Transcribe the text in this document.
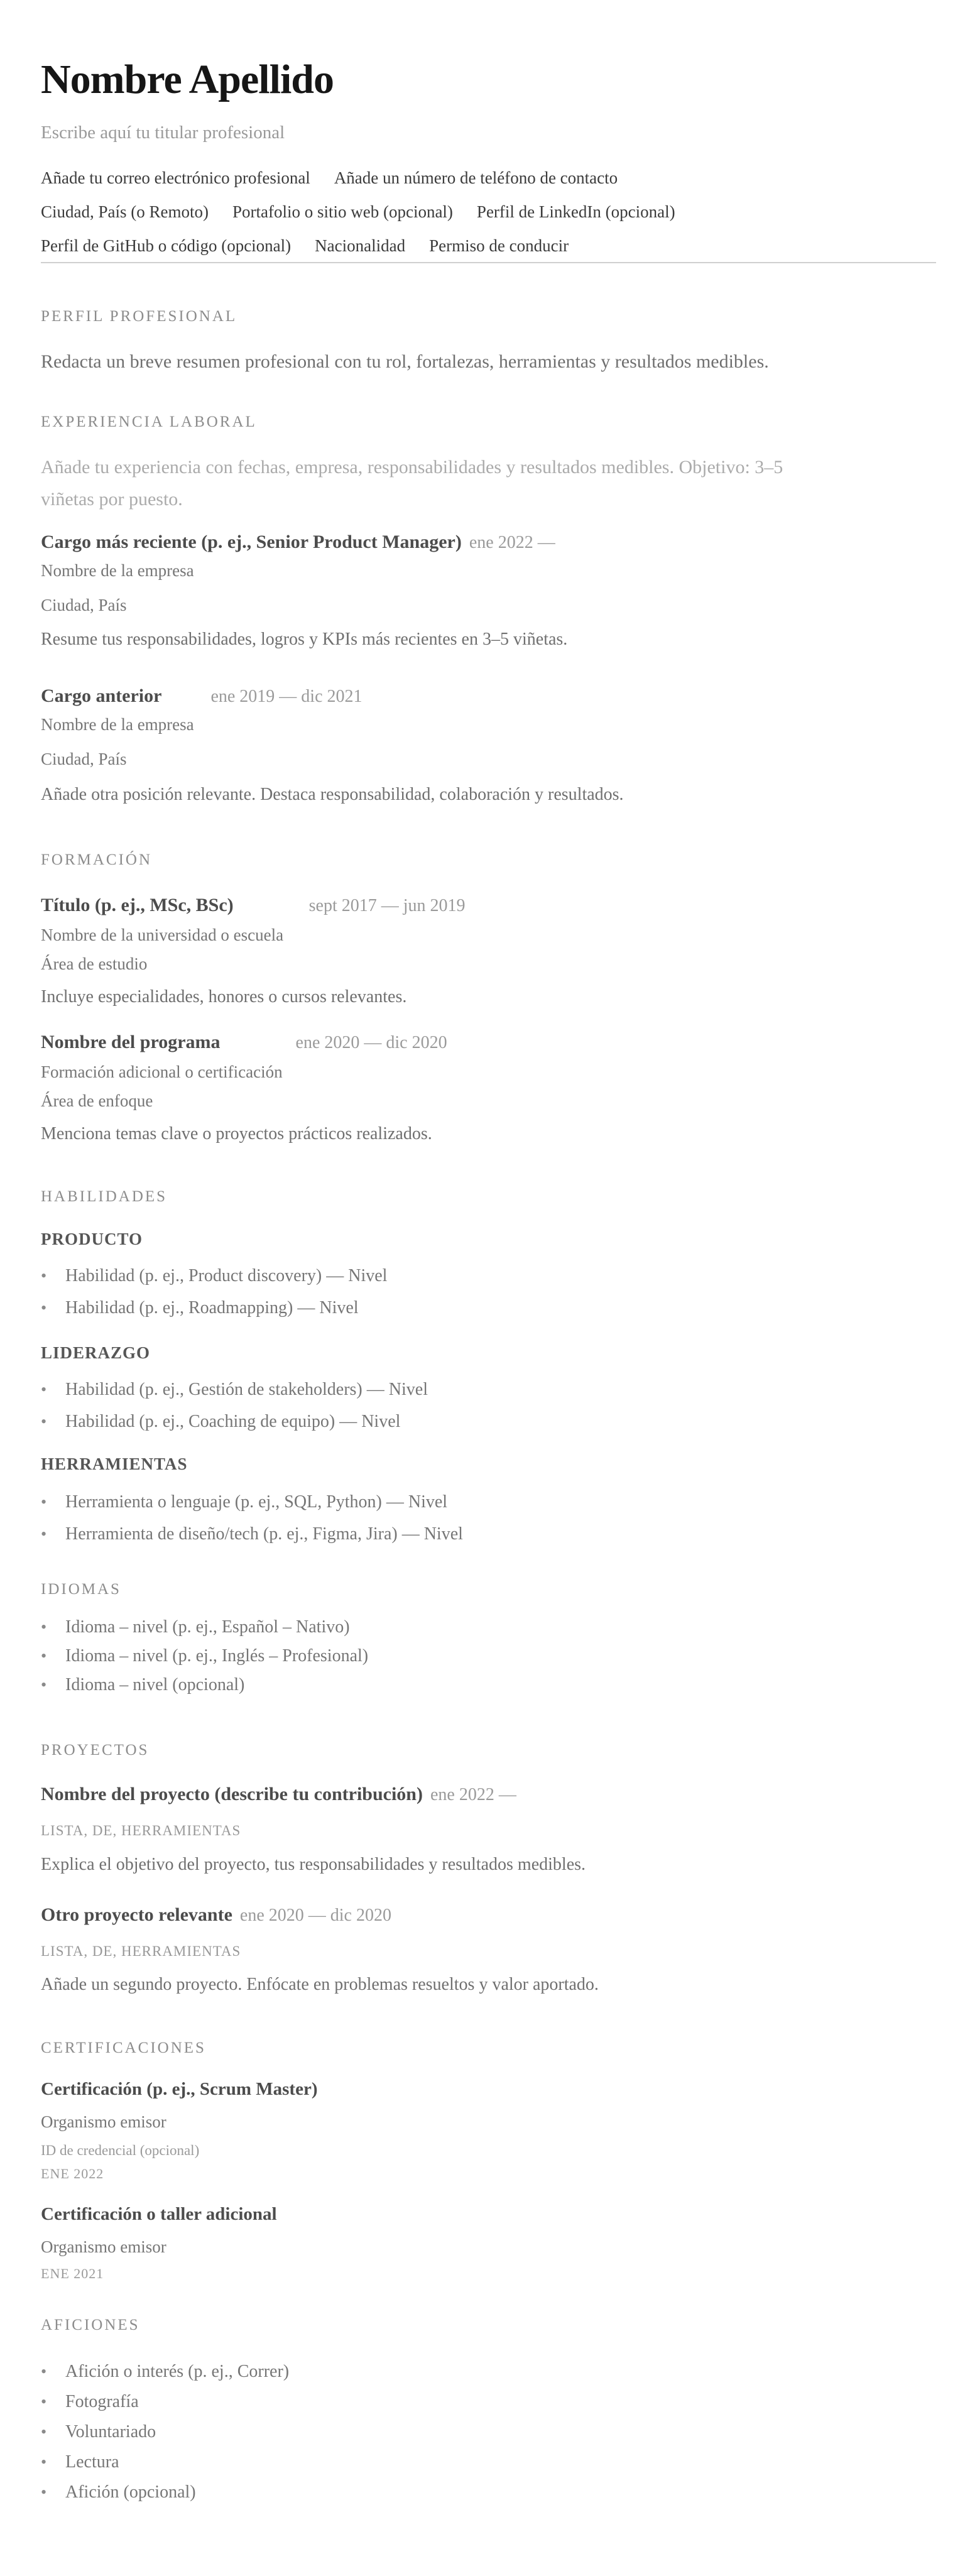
Nombre Apellido
Escribe aquí tu titular profesional
Añade tu correo electrónico profesional Añade un número de teléfono de contacto
Ciudad, País (o Remoto) Portafolio o sitio web (opcional) Perfil de LinkedIn (opcional)
Perfil de GitHub o código (opcional) Nacionalidad Permiso de conducir
PERFIL PROFESIONAL
Redacta un breve resumen profesional con tu rol, fortalezas, herramientas y resultados medibles.
EXPERIENCIA LABORAL
Añade tu experiencia con fechas, empresa, responsabilidades y resultados medibles. Objetivo: 3–5 viñetas por puesto.
Cargo más reciente (p. ej., Senior Product Manager) ene 2022 —
Nombre de la empresa
Ciudad, País
Resume tus responsabilidades, logros y KPIs más recientes en 3–5 viñetas.
Cargo anterior	ene 2019 — dic 2021
Nombre de la empresa
Ciudad, País
Añade otra posición relevante. Destaca responsabilidad, colaboración y resultados.
FORMACIÓN
Título (p. ej., MSc, BSc)	sept 2017 — jun 2019
Nombre de la universidad o escuela
Área de estudio
Incluye especialidades, honores o cursos relevantes.
Nombre del programa	ene 2020 — dic 2020
Formación adicional o certificación
Área de enfoque
Menciona temas clave o proyectos prácticos realizados.
HABILIDADES
PRODUCTO
•	Habilidad (p. ej., Product discovery) — Nivel
•	Habilidad (p. ej., Roadmapping) — Nivel
LIDERAZGO
•	Habilidad (p. ej., Gestión de stakeholders) — Nivel
•	Habilidad (p. ej., Coaching de equipo) — Nivel
HERRAMIENTAS
•	Herramienta o lenguaje (p. ej., SQL, Python) — Nivel
•	Herramienta de diseño/tech (p. ej., Figma, Jira) — Nivel
IDIOMAS
•	Idioma – nivel (p. ej., Español – Nativo)
•	Idioma – nivel (p. ej., Inglés – Profesional)
•	Idioma – nivel (opcional)
PROYECTOS
Nombre del proyecto (describe tu contribución) ene 2022 —
LISTA, DE, HERRAMIENTAS
Explica el objetivo del proyecto, tus responsabilidades y resultados medibles.
Otro proyecto relevante ene 2020 — dic 2020
LISTA, DE, HERRAMIENTAS
Añade un segundo proyecto. Enfócate en problemas resueltos y valor aportado.
CERTIFICACIONES
Certificación (p. ej., Scrum Master)
Organismo emisor
ID de credencial (opcional)
ENE 2022
Certificación o taller adicional
Organismo emisor
ENE 2021
AFICIONES
•	Afición o interés (p. ej., Correr)
•	Fotografía
•	Voluntariado
•	Lectura
•	Afición (opcional)
